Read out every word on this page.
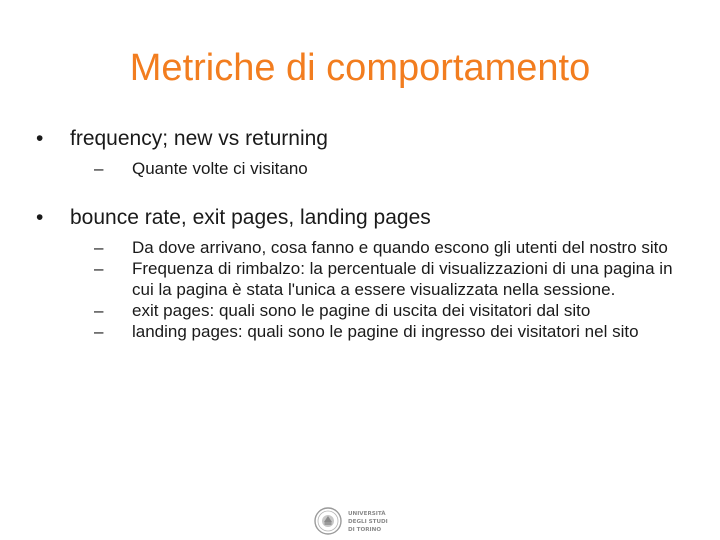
Metriche di comportamento
•	frequency; new vs returning
– Quante volte ci visitano
•	bounce rate, exit pages, landing pages
– Da dove arrivano, cosa fanno e quando escono gli utenti del nostro sito
– Frequenza di rimbalzo: la percentuale di visualizzazioni di una pagina in cui la pagina è stata l'unica a essere visualizzata nella sessione.
– exit pages: quali sono le pagine di uscita dei visitatori dal sito
– landing pages: quali sono le pagine di ingresso dei visitatori nel sito
UNIVERSITÀ
DEGLI STUDI
DI TORINO
